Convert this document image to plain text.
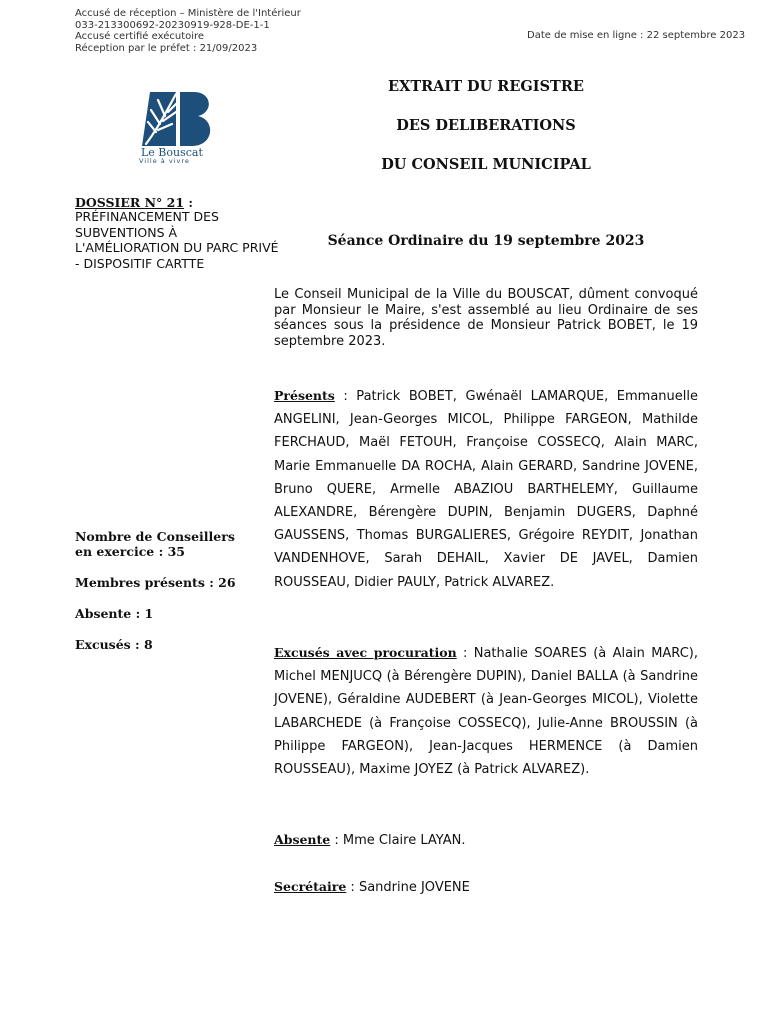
Accusé de réception – Ministère de l'Intérieur
033-213300692-20230919-928-DE-1-1
Accusé certifié exécutoire
Réception par le préfet : 21/09/2023
Date de mise en ligne : 22 septembre 2023
Le Bouscat
Ville à vivre
EXTRAIT DU REGISTRE
DES DELIBERATIONS
DU CONSEIL MUNICIPAL
DOSSIER N° 21 :
PRÉFINANCEMENT DES SUBVENTIONS À L'AMÉLIORATION DU PARC PRIVÉ - DISPOSITIF CARTTE
Séance Ordinaire du 19 septembre 2023
Le Conseil Municipal de la Ville du BOUSCAT, dûment convoqué par Monsieur le Maire, s'est assemblé au lieu Ordinaire de ses séances sous la présidence de Monsieur Patrick BOBET, le 19 septembre 2023.
Présents : Patrick BOBET, Gwénaël LAMARQUE, Emmanuelle ANGELINI, Jean-Georges MICOL, Philippe FARGEON, Mathilde FERCHAUD, Maël FETOUH, Françoise COSSECQ, Alain MARC, Marie Emmanuelle DA ROCHA, Alain GERARD, Sandrine JOVENE, Bruno QUERE, Armelle ABAZIOU BARTHELEMY, Guillaume ALEXANDRE, Bérengère DUPIN, Benjamin DUGERS, Daphné GAUSSENS, Thomas BURGALIERES, Grégoire REYDIT, Jonathan VANDENHOVE, Sarah DEHAIL, Xavier DE JAVEL, Damien ROUSSEAU, Didier PAULY, Patrick ALVAREZ.
Excusés avec procuration : Nathalie SOARES (à Alain MARC), Michel MENJUCQ (à Bérengère DUPIN), Daniel BALLA (à Sandrine JOVENE), Géraldine AUDEBERT (à Jean-Georges MICOL), Violette LABARCHEDE (à Françoise COSSECQ), Julie-Anne BROUSSIN (à Philippe FARGEON), Jean-Jacques HERMENCE (à Damien ROUSSEAU), Maxime JOYEZ (à Patrick ALVAREZ).
Absente : Mme Claire LAYAN.
Secrétaire : Sandrine JOVENE
Nombre de Conseillers
en exercice : 35
Membres présents : 26
Absente : 1
Excusés : 8
